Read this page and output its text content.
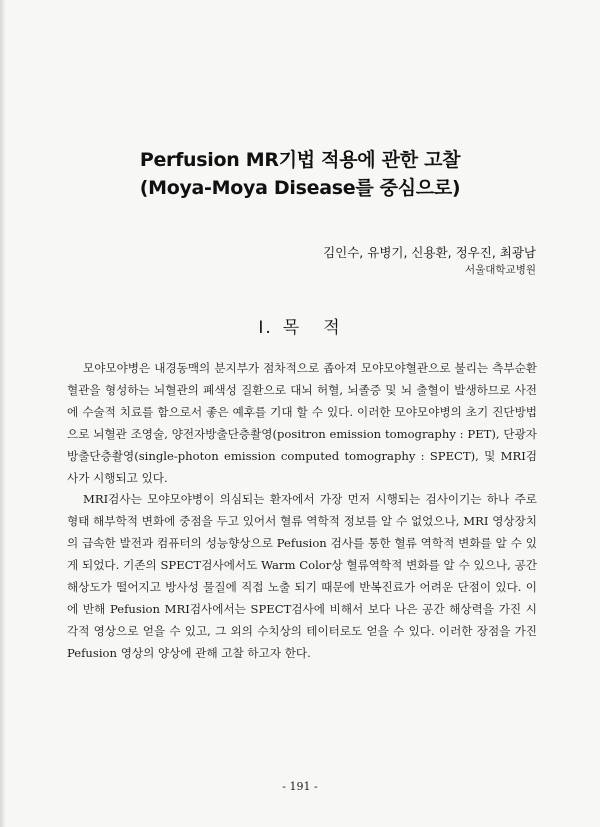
Perfusion MR기법 적용에 관한 고찰
(Moya-Moya Disease를 중심으로)
김인수, 유병기, 신용환, 정우진, 최광남
서울대학교병원
I. 목 적

모야모야병은 내경동맥의 분지부가 점차적으로 좁아져 모야모야혈관으로 불리는 측부순환혈관을 형성하는 뇌혈관의 폐색성 질환으로 대뇌 허혈, 뇌졸증 및 뇌 출혈이 발생하므로 사전에 수술적 치료를 함으로서 좋은 예후를 기대 할 수 있다. 이러한 모야모야병의 초기 진단방법으로 뇌혈관 조영술, 양전자방출단층촬영(positron emission tomography : PET), 단광자방출단층촬영(single-photon emission computed tomography : SPECT), 및 MRI검사가 시행되고 있다.

MRI검사는 모야모야병이 의심되는 환자에서 가장 먼저 시행되는 검사이기는 하나 주로 형태 해부학적 변화에 중점을 두고 있어서 혈류 역학적 정보를 알 수 없었으나, MRI 영상장치의 급속한 발전과 컴퓨터의 성능향상으로 Pefusion 검사를 통한 혈류 역학적 변화를 알 수 있게 되었다. 기존의 SPECT검사에서도 Warm Color상 혈류역학적 변화를 알 수 있으나, 공간해상도가 떨어지고 방사성 물질에 직접 노출 되기 때문에 반복진료가 어려운 단점이 있다. 이에 반해 Pefusion MRI검사에서는 SPECT검사에 비해서 보다 나은 공간 해상력을 가진 시각적 영상으로 얻을 수 있고, 그 외의 수치상의 테이터로도 얻을 수 있다. 이러한 장점을 가진 Pefusion 영상의 양상에 관해 고찰 하고자 한다.

- 191 -
